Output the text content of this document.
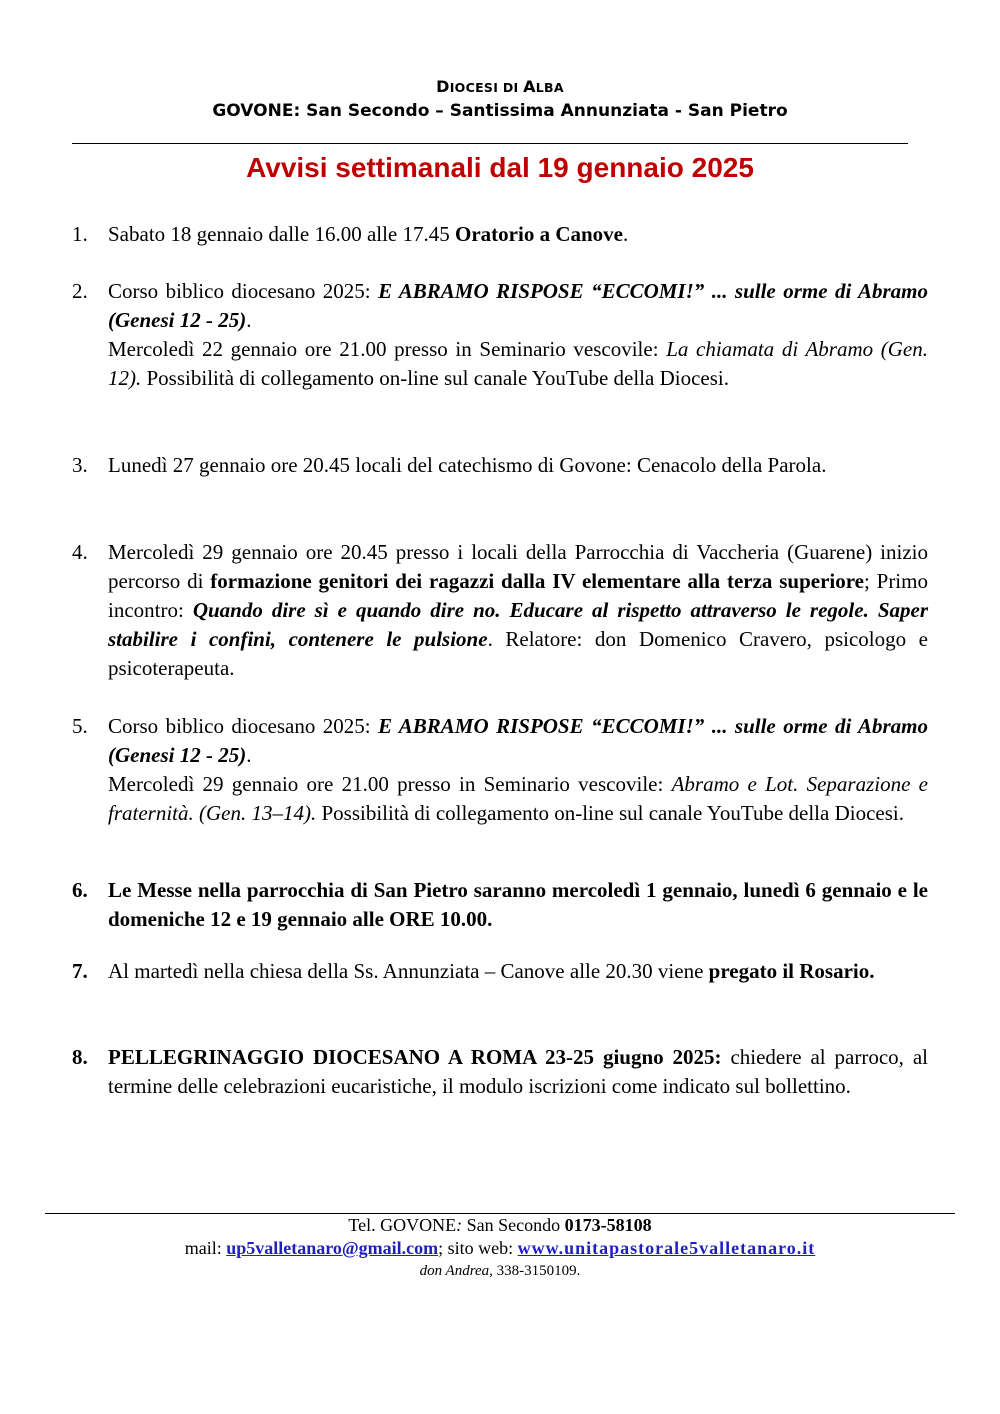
DIOCESI DI ALBA
GOVONE: San Secondo – Santissima Annunziata - San Pietro
Avvisi settimanali dal 19 gennaio 2025
1. Sabato 18 gennaio dalle 16.00 alle 17.45 Oratorio a Canove.
2. Corso biblico diocesano 2025: E ABRAMO RISPOSE “ECCOMI!” ... sulle orme di Abramo (Genesi 12 - 25).
Mercoledì 22 gennaio ore 21.00 presso in Seminario vescovile: La chiamata di Abramo (Gen. 12). Possibilità di collegamento on-line sul canale YouTube della Diocesi.
3. Lunedì 27 gennaio ore 20.45 locali del catechismo di Govone: Cenacolo della Parola.
4. Mercoledì 29 gennaio ore 20.45 presso i locali della Parrocchia di Vaccheria (Guarene) inizio percorso di formazione genitori dei ragazzi dalla IV elementare alla terza superiore; Primo incontro: Quando dire sì e quando dire no. Educare al rispetto attraverso le regole. Saper stabilire i confini, contenere le pulsione. Relatore: don Domenico Cravero, psicologo e psicoterapeuta.
5. Corso biblico diocesano 2025: E ABRAMO RISPOSE “ECCOMI!” ... sulle orme di Abramo (Genesi 12 - 25).
Mercoledì 29 gennaio ore 21.00 presso in Seminario vescovile: Abramo e Lot. Separazione e fraternità. (Gen. 13–14). Possibilità di collegamento on-line sul canale YouTube della Diocesi.
6. Le Messe nella parrocchia di San Pietro saranno mercoledì 1 gennaio, lunedì 6 gennaio e le domeniche 12 e 19 gennaio alle ORE 10.00.
7. Al martedì nella chiesa della Ss. Annunziata – Canove alle 20.30 viene pregato il Rosario.
8. PELLEGRINAGGIO DIOCESANO A ROMA 23-25 giugno 2025: chiedere al parroco, al termine delle celebrazioni eucaristiche, il modulo iscrizioni come indicato sul bollettino.
Tel. GOVONE: San Secondo 0173-58108
mail: up5valletanaro@gmail.com; sito web: www.unitapastorale5valletanaro.it
don Andrea, 338-3150109.
